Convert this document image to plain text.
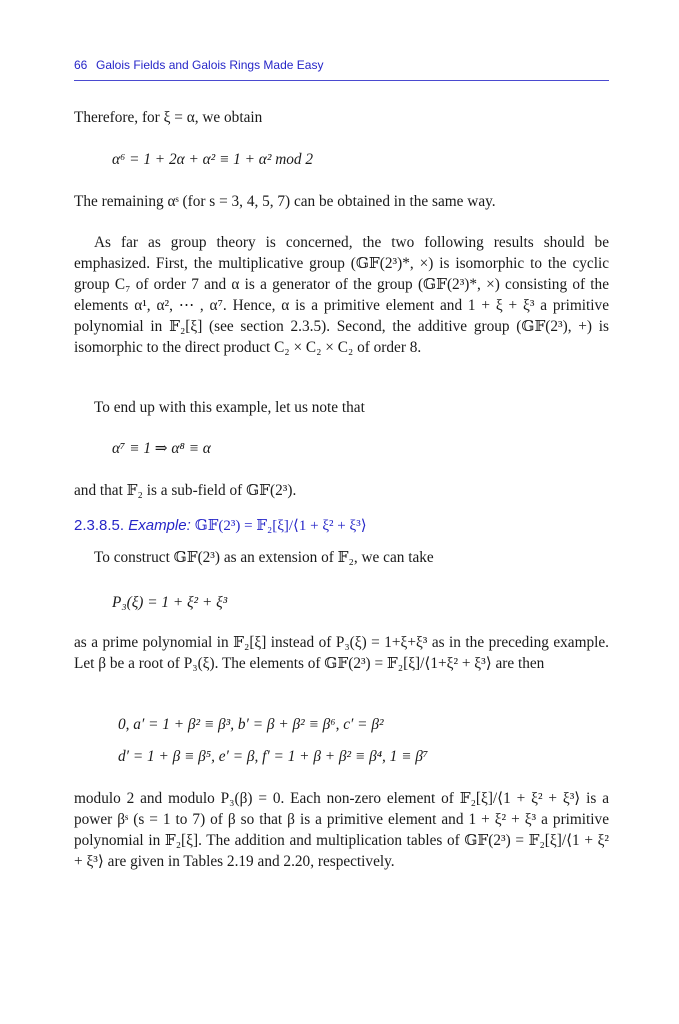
66 Galois Fields and Galois Rings Made Easy
Therefore, for ξ = α, we obtain
α⁶ = 1 + 2α + α² ≡ 1 + α² mod 2
The remaining αˢ (for s = 3, 4, 5, 7) can be obtained in the same way.
As far as group theory is concerned, the two following results should be emphasized. First, the multiplicative group (𝔾𝔽(2³)*, ×) is isomorphic to the cyclic group C₇ of order 7 and α is a generator of the group (𝔾𝔽(2³)*, ×) consisting of the elements α¹, α², ⋯ , α⁷. Hence, α is a primitive element and 1 + ξ + ξ³ a primitive polynomial in 𝔽₂[ξ] (see section 2.3.5). Second, the additive group (𝔾𝔽(2³), +) is isomorphic to the direct product C₂ × C₂ × C₂ of order 8.
To end up with this example, let us note that
α⁷ ≡ 1 ⇒ α⁸ ≡ α
and that 𝔽₂ is a sub-field of 𝔾𝔽(2³).
2.3.8.5. Example: 𝔾𝔽(2³) = 𝔽₂[ξ]/⟨1 + ξ² + ξ³⟩
To construct 𝔾𝔽(2³) as an extension of 𝔽₂, we can take
P₃(ξ) = 1 + ξ² + ξ³
as a prime polynomial in 𝔽₂[ξ] instead of P₃(ξ) = 1+ξ+ξ³ as in the preceding example. Let β be a root of P₃(ξ). The elements of 𝔾𝔽(2³) = 𝔽₂[ξ]/⟨1+ξ² + ξ³⟩ are then
0, a′ = 1 + β² ≡ β³, b′ = β + β² ≡ β⁶, c′ = β²
d′ = 1 + β ≡ β⁵, e′ = β, f′ = 1 + β + β² ≡ β⁴, 1 ≡ β⁷
modulo 2 and modulo P₃(β) = 0. Each non-zero element of 𝔽₂[ξ]/⟨1 + ξ² + ξ³⟩ is a power βˢ (s = 1 to 7) of β so that β is a primitive element and 1 + ξ² + ξ³ a primitive polynomial in 𝔽₂[ξ]. The addition and multiplication tables of 𝔾𝔽(2³) = 𝔽₂[ξ]/⟨1 + ξ² + ξ³⟩ are given in Tables 2.19 and 2.20, respectively.
